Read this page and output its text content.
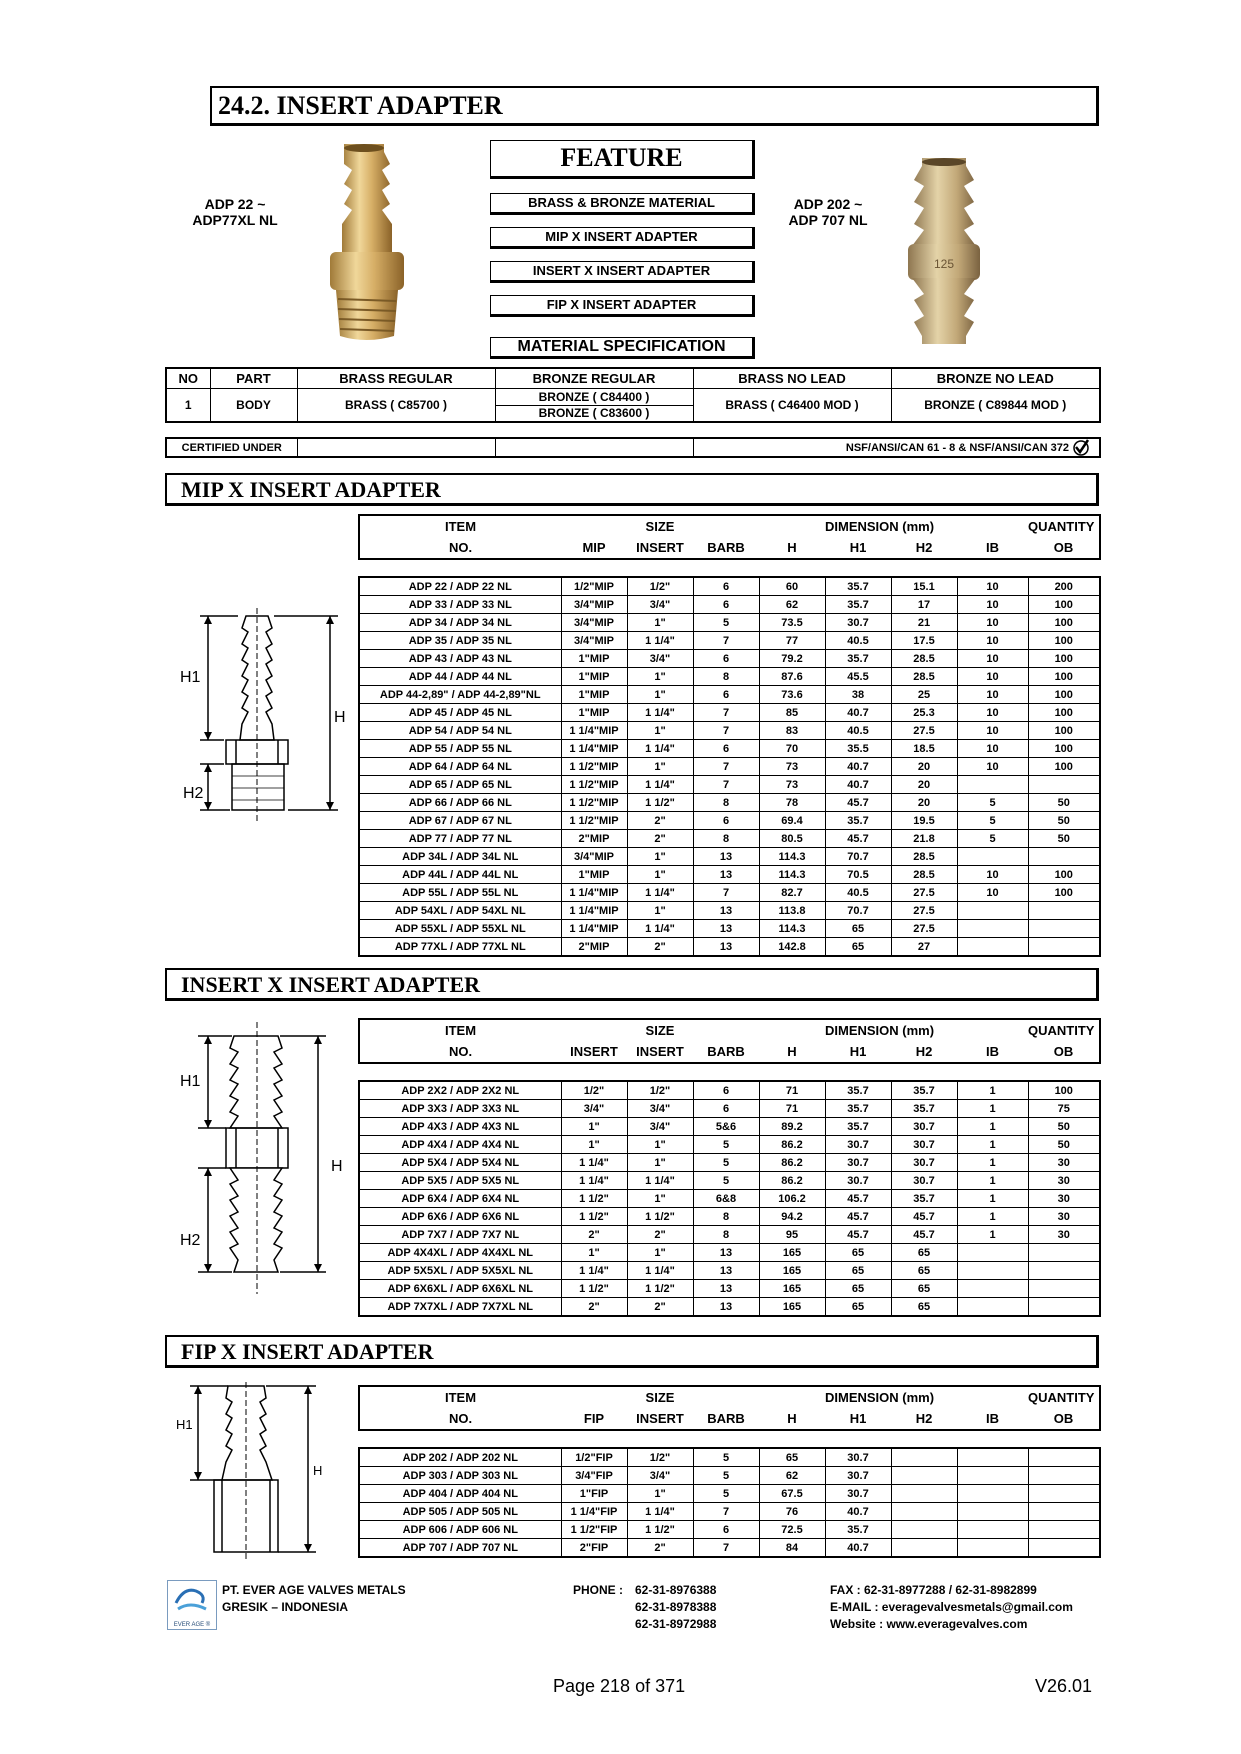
24.2. INSERT ADAPTER
ADP 22 ~
ADP77XL NL
FEATURE
BRASS & BRONZE MATERIAL
MIP X INSERT ADAPTER
INSERT X INSERT ADAPTER
FIP X INSERT ADAPTER
MATERIAL SPECIFICATION
125
ADP 202 ~
ADP 707 NL
NO	PART	BRASS REGULAR	BRONZE REGULAR	BRASS NO LEAD	BRONZE NO LEAD
1	BODY	BRASS ( C85700 )	BRONZE ( C84400 )	BRASS ( C46400 MOD )	BRONZE ( C89844 MOD )
			BRONZE ( C83600 )		
CERTIFIED UNDER			NSF/ANSI/CAN 61 - 8 & NSF/ANSI/CAN 372
MIP X INSERT ADAPTER
H1
H
H2
ITEM		SIZE			DIMENSION (mm)			QUANTITY
NO.	MIP	INSERT	BARB	H	H1	H2	IB	OB
ADP 22 / ADP 22 NL	1/2"MIP	1/2"	6	60	35.7	15.1	10	200
ADP 33 / ADP 33 NL	3/4"MIP	3/4"	6	62	35.7	17	10	100
ADP 34 / ADP 34 NL	3/4"MIP	1"	5	73.5	30.7	21	10	100
ADP 35 / ADP 35 NL	3/4"MIP	1 1/4"	7	77	40.5	17.5	10	100
ADP 43 / ADP 43 NL	1"MIP	3/4"	6	79.2	35.7	28.5	10	100
ADP 44 / ADP 44 NL	1"MIP	1"	8	87.6	45.5	28.5	10	100
ADP 44-2,89" / ADP 44-2,89"NL	1"MIP	1"	6	73.6	38	25	10	100
ADP 45 / ADP 45 NL	1"MIP	1 1/4"	7	85	40.7	25.3	10	100
ADP 54 / ADP 54 NL	1 1/4"MIP	1"	7	83	40.5	27.5	10	100
ADP 55 / ADP 55 NL	1 1/4"MIP	1 1/4"	6	70	35.5	18.5	10	100
ADP 64 / ADP 64 NL	1 1/2"MIP	1"	7	73	40.7	20	10	100
ADP 65 / ADP 65 NL	1 1/2"MIP	1 1/4"	7	73	40.7	20		
ADP 66 / ADP 66 NL	1 1/2"MIP	1 1/2"	8	78	45.7	20	5	50
ADP 67 / ADP 67 NL	1 1/2"MIP	2"	6	69.4	35.7	19.5	5	50
ADP 77 / ADP 77 NL	2"MIP	2"	8	80.5	45.7	21.8	5	50
ADP 34L / ADP 34L NL	3/4"MIP	1"	13	114.3	70.7	28.5		
ADP 44L / ADP 44L NL	1"MIP	1"	13	114.3	70.5	28.5	10	100
ADP 55L / ADP 55L NL	1 1/4"MIP	1 1/4"	7	82.7	40.5	27.5	10	100
ADP 54XL / ADP 54XL NL	1 1/4"MIP	1"	13	113.8	70.7	27.5		
ADP 55XL / ADP 55XL NL	1 1/4"MIP	1 1/4"	13	114.3	65	27.5		
ADP 77XL / ADP 77XL NL	2"MIP	2"	13	142.8	65	27		
INSERT X INSERT ADAPTER
H1
H
H2
ITEM		SIZE			DIMENSION (mm)			QUANTITY
NO.	INSERT	INSERT	BARB	H	H1	H2	IB	OB
ADP 2X2 / ADP 2X2 NL	1/2"	1/2"	6	71	35.7	35.7	1	100
ADP 3X3 / ADP 3X3 NL	3/4"	3/4"	6	71	35.7	35.7	1	75
ADP 4X3 / ADP 4X3 NL	1"	3/4"	5&6	89.2	35.7	30.7	1	50
ADP 4X4 / ADP 4X4 NL	1"	1"	5	86.2	30.7	30.7	1	50
ADP 5X4 / ADP 5X4 NL	1 1/4"	1"	5	86.2	30.7	30.7	1	30
ADP 5X5 / ADP 5X5 NL	1 1/4"	1 1/4"	5	86.2	30.7	30.7	1	30
ADP 6X4 / ADP 6X4 NL	1 1/2"	1"	6&8	106.2	45.7	35.7	1	30
ADP 6X6 / ADP 6X6 NL	1 1/2"	1 1/2"	8	94.2	45.7	45.7	1	30
ADP 7X7 / ADP 7X7 NL	2"	2"	8	95	45.7	45.7	1	30
ADP 4X4XL / ADP 4X4XL NL	1"	1"	13	165	65	65		
ADP 5X5XL / ADP 5X5XL NL	1 1/4"	1 1/4"	13	165	65	65		
ADP 6X6XL / ADP 6X6XL NL	1 1/2"	1 1/2"	13	165	65	65		
ADP 7X7XL / ADP 7X7XL NL	2"	2"	13	165	65	65		
FIP X INSERT ADAPTER
H1
H
ITEM		SIZE			DIMENSION (mm)			QUANTITY
NO.	FIP	INSERT	BARB	H	H1	H2	IB	OB
ADP 202 / ADP 202 NL	1/2"FIP	1/2"	5	65	30.7			
ADP 303 / ADP 303 NL	3/4"FIP	3/4"	5	62	30.7			
ADP 404 / ADP 404 NL	1"FIP	1"	5	67.5	30.7			
ADP 505 / ADP 505 NL	1 1/4"FIP	1 1/4"	7	76	40.7			
ADP 606 / ADP 606 NL	1 1/2"FIP	1 1/2"	6	72.5	35.7			
ADP 707 / ADP 707 NL	2"FIP	2"	7	84	40.7			
EVER AGE ®
PT. EVER AGE VALVES METALS
GRESIK – INDONESIA
PHONE : 62-31-8976388
62-31-8978388
62-31-8972988
FAX : 62-31-8977288 / 62-31-8982899
E-MAIL : everagevalvesmetals@gmail.com
Website : www.everagevalves.com
Page 218 of 371	V26.01
